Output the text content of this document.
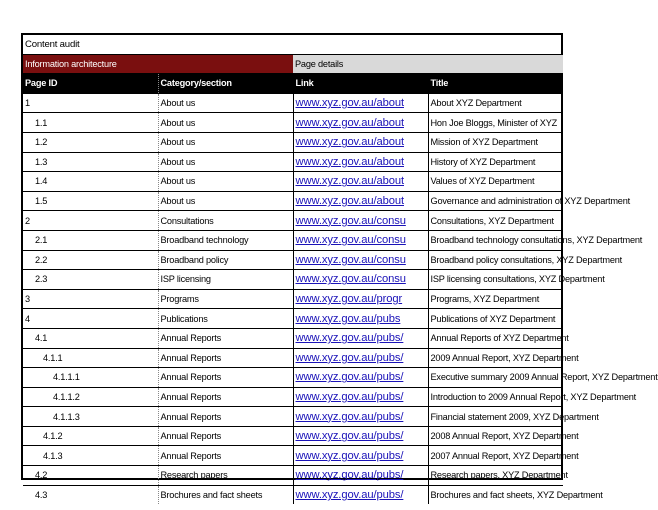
Content audit			
Information architecture		Page details	
Page ID	Category/section	Link	Title
1	About us	www.xyz.gov.au/about	About XYZ Department
1.1	About us	www.xyz.gov.au/about	Hon Joe Bloggs, Minister of XYZ
1.2	About us	www.xyz.gov.au/about	Mission of XYZ Department
1.3	About us	www.xyz.gov.au/about	History of XYZ Department
1.4	About us	www.xyz.gov.au/about	Values of XYZ Department
1.5	About us	www.xyz.gov.au/about	Governance and administration of XYZ Department
2	Consultations	www.xyz.gov.au/consu	Consultations, XYZ Department
2.1	Broadband technology	www.xyz.gov.au/consu	Broadband technology consultations, XYZ Department
2.2	Broadband policy	www.xyz.gov.au/consu	Broadband policy consultations, XYZ Department
2.3	ISP licensing	www.xyz.gov.au/consu	ISP licensing consultations, XYZ Department
3	Programs	www.xyz.gov.au/progr	Programs, XYZ Department
4	Publications	www.xyz.gov.au/pubs	Publications of XYZ Department
4.1	Annual Reports	www.xyz.gov.au/pubs/	Annual Reports of XYZ Department
4.1.1	Annual Reports	www.xyz.gov.au/pubs/	2009 Annual Report, XYZ Department
4.1.1.1	Annual Reports	www.xyz.gov.au/pubs/	Executive summary 2009 Annual Report, XYZ Department
4.1.1.2	Annual Reports	www.xyz.gov.au/pubs/	Introduction to 2009 Annual Report, XYZ Department
4.1.1.3	Annual Reports	www.xyz.gov.au/pubs/	Financial statement 2009, XYZ Department
4.1.2	Annual Reports	www.xyz.gov.au/pubs/	2008 Annual Report, XYZ Department
4.1.3	Annual Reports	www.xyz.gov.au/pubs/	2007 Annual Report, XYZ Department
4.2	Research papers	www.xyz.gov.au/pubs/	Research papers, XYZ Department
4.3	Brochures and fact sheets	www.xyz.gov.au/pubs/	Brochures and fact sheets, XYZ Department
